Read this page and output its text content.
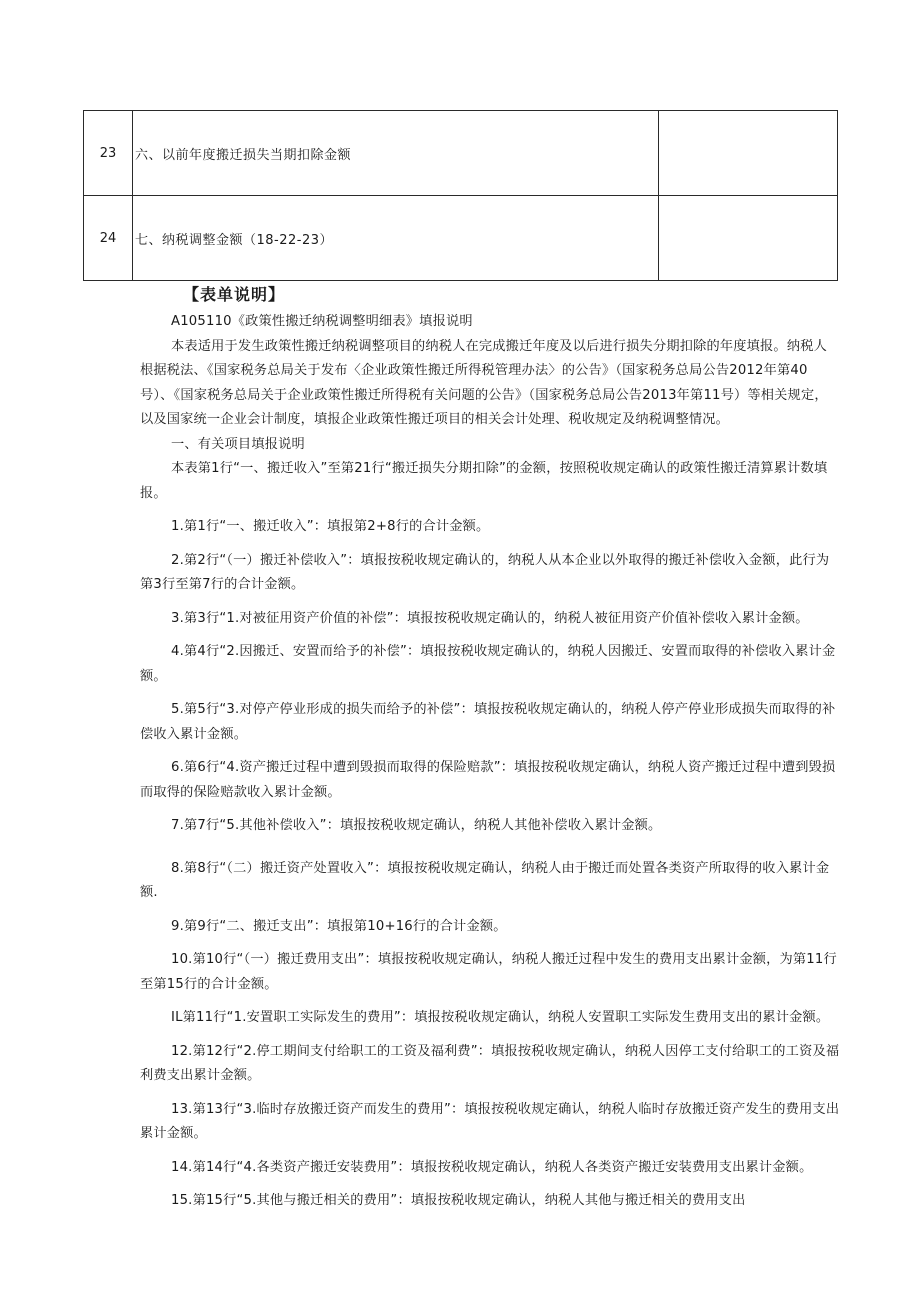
23	六、以前年度搬迁损失当期扣除金额	
24	七、纳税调整金额（18-22-23）	
【表单说明】

A105110《政策性搬迁纳税调整明细表》填报说明

本表适用于发生政策性搬迁纳税调整项目的纳税人在完成搬迁年度及以后进行损失分期扣除的年度填报。纳税人根据税法、《国家税务总局关于发布〈企业政策性搬迁所得税管理办法〉的公告》（国家税务总局公告2012年第40号）、《国家税务总局关于企业政策性搬迁所得税有关问题的公告》（国家税务总局公告2013年第11号）等相关规定，以及国家统一企业会计制度，填报企业政策性搬迁项目的相关会计处理、税收规定及纳税调整情况。

一、有关项目填报说明

本表第1行“一、搬迁收入”至第21行“搬迁损失分期扣除”的金额，按照税收规定确认的政策性搬迁清算累计数填报。

1.第1行“一、搬迁收入”：填报第2+8行的合计金额。

2.第2行“（一）搬迁补偿收入”：填报按税收规定确认的，纳税人从本企业以外取得的搬迁补偿收入金额，此行为第3行至第7行的合计金额。

3.第3行“1.对被征用资产价值的补偿”：填报按税收规定确认的，纳税人被征用资产价值补偿收入累计金额。

4.第4行“2.因搬迁、安置而给予的补偿”：填报按税收规定确认的，纳税人因搬迁、安置而取得的补偿收入累计金额。

5.第5行“3.对停产停业形成的损失而给予的补偿”：填报按税收规定确认的，纳税人停产停业形成损失而取得的补偿收入累计金额。

6.第6行“4.资产搬迁过程中遭到毁损而取得的保险赔款”：填报按税收规定确认，纳税人资产搬迁过程中遭到毁损而取得的保险赔款收入累计金额。

7.第7行“5.其他补偿收入”：填报按税收规定确认，纳税人其他补偿收入累计金额。

8.第8行“（二）搬迁资产处置收入”：填报按税收规定确认，纳税人由于搬迁而处置各类资产所取得的收入累计金额.

9.第9行“二、搬迁支出”：填报第10+16行的合计金额。

10.第10行“（一）搬迁费用支出”：填报按税收规定确认，纳税人搬迁过程中发生的费用支出累计金额，为第11行至第15行的合计金额。

IL第11行“1.安置职工实际发生的费用”：填报按税收规定确认，纳税人安置职工实际发生费用支出的累计金额。

12.第12行“2.停工期间支付给职工的工资及福利费”：填报按税收规定确认，纳税人因停工支付给职工的工资及福利费支出累计金额。

13.第13行“3.临时存放搬迁资产而发生的费用”：填报按税收规定确认，纳税人临时存放搬迁资产发生的费用支出累计金额。

14.第14行“4.各类资产搬迁安装费用”：填报按税收规定确认，纳税人各类资产搬迁安装费用支出累计金额。

15.第15行“5.其他与搬迁相关的费用”：填报按税收规定确认，纳税人其他与搬迁相关的费用支出
